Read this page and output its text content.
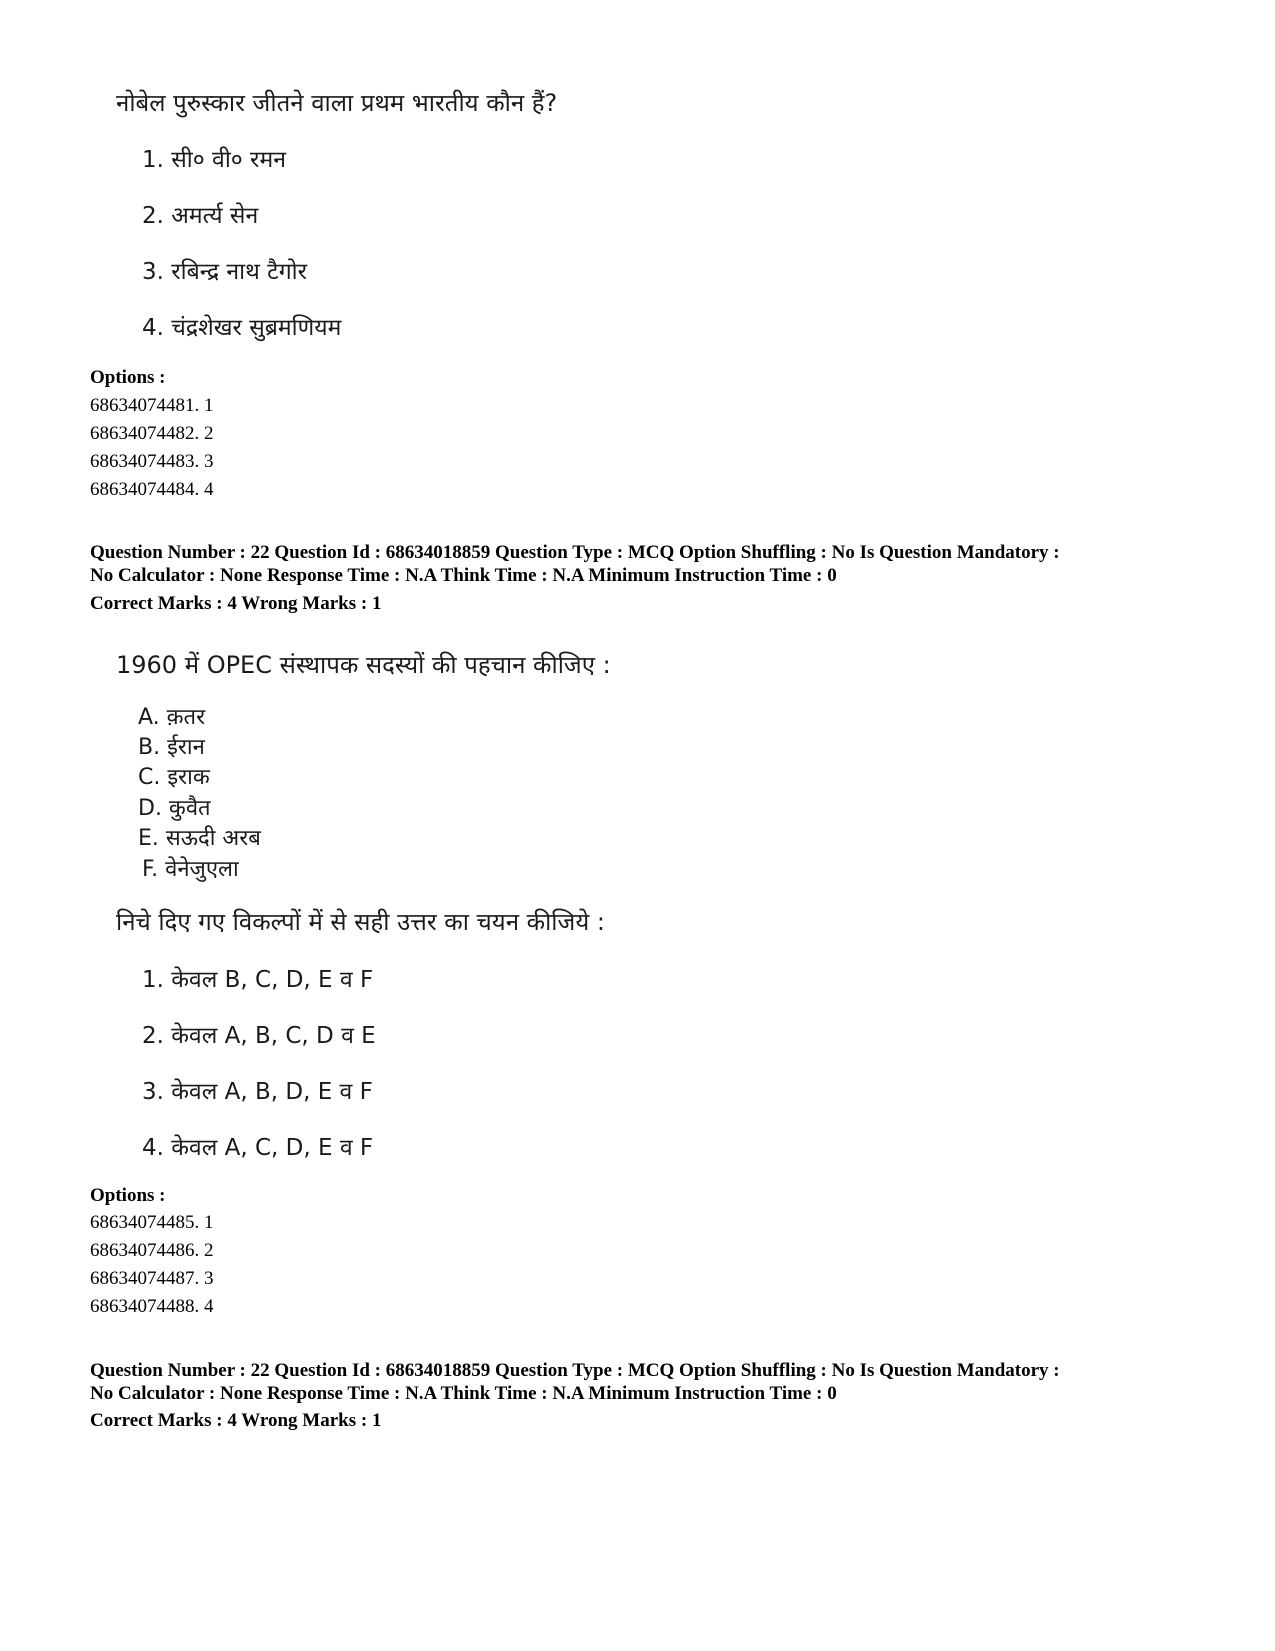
नोबेल पुरुस्कार जीतने वाला प्रथम भारतीय कौन हैं?
1. सी० वी० रमन
2. अमर्त्य सेन
3. रबिन्द्र नाथ टैगोर
4. चंद्रशेखर सुब्रमणियम
Options :
68634074481. 1
68634074482. 2
68634074483. 3
68634074484. 4
Question Number : 22 Question Id : 68634018859 Question Type : MCQ Option Shuffling : No Is Question Mandatory :
No Calculator : None Response Time : N.A Think Time : N.A Minimum Instruction Time : 0
Correct Marks : 4 Wrong Marks : 1
1960 में OPEC संस्थापक सदस्यों की पहचान कीजिए :
A. क़तर
B. ईरान
C. इराक
D. कुवैत
E. सऊदी अरब
F. वेनेजुएला
निचे दिए गए विकल्पों में से सही उत्तर का चयन कीजिये :
1. केवल B, C, D, E व F
2. केवल A, B, C, D व E
3. केवल A, B, D, E व F
4. केवल A, C, D, E व F
Options :
68634074485. 1
68634074486. 2
68634074487. 3
68634074488. 4
Question Number : 22 Question Id : 68634018859 Question Type : MCQ Option Shuffling : No Is Question Mandatory :
No Calculator : None Response Time : N.A Think Time : N.A Minimum Instruction Time : 0
Correct Marks : 4 Wrong Marks : 1
